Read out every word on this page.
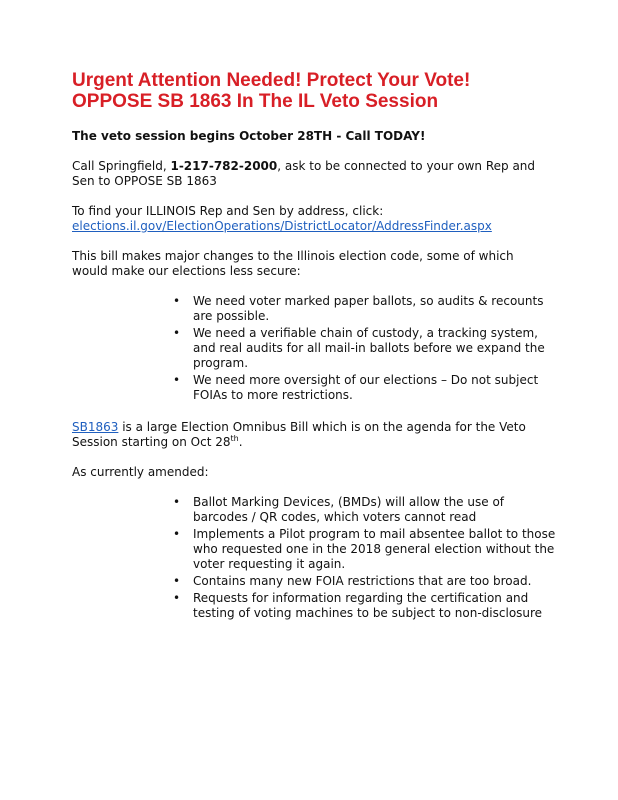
Urgent Attention Needed! Protect Your Vote!
OPPOSE SB 1863 In The IL Veto Session

The veto session begins October 28TH - Call TODAY!

Call Springfield, 1-217-782-2000, ask to be connected to your own Rep and Sen to OPPOSE SB 1863

To find your ILLINOIS Rep and Sen by address, click: elections.il.gov/ElectionOperations/DistrictLocator/AddressFinder.aspx

This bill makes major changes to the Illinois election code, some of which would make our elections less secure:

•	We need voter marked paper ballots, so audits & recounts are possible.
•	We need a verifiable chain of custody, a tracking system, and real audits for all mail-in ballots before we expand the program.
•	We need more oversight of our elections – Do not subject FOIAs to more restrictions.

SB1863 is a large Election Omnibus Bill which is on the agenda for the Veto Session starting on Oct 28th.

As currently amended:

•	Ballot Marking Devices, (BMDs) will allow the use of barcodes / QR codes, which voters cannot read
•	Implements a Pilot program to mail absentee ballot to those who requested one in the 2018 general election without the voter requesting it again.
•	Contains many new FOIA restrictions that are too broad.
•	Requests for information regarding the certification and testing of voting machines to be subject to non-disclosure
